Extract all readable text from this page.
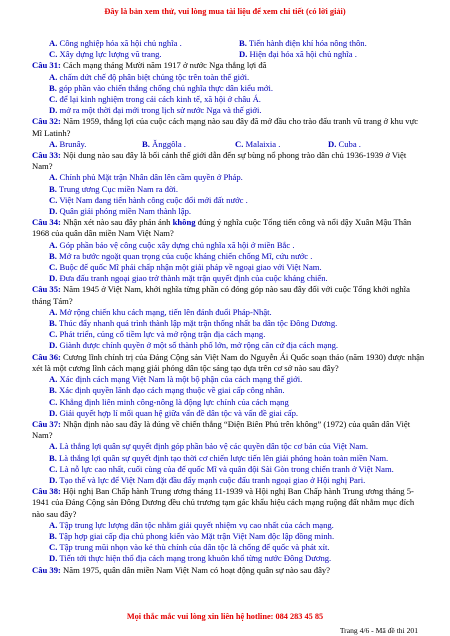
Đây là bản xem thử, vui lòng mua tài liệu để xem chi tiết (có lời giải)
A. Công nghiệp hóa xã hội chủ nghĩa .	B. Tiến hành điện khí hóa nông thôn.
C. Xây dựng lực lượng vũ trang.	D. Hiện đại hóa xã hội chủ nghĩa .
Câu 31: Cách mạng tháng Mười năm 1917 ở nước Nga thắng lợi đã
A. chấm dứt chế độ phân biệt chủng tộc trên toàn thế giới.
B. góp phần vào chiến thắng chống chủ nghĩa thực dân kiểu mới.
C. để lại kinh nghiệm trong cải cách kinh tế, xã hội ở châu Á.
D. mở ra một thời đại mới trong lịch sử nước Nga và thế giới.
Câu 32: Năm 1959, thắng lợi của cuộc cách mạng nào sau đây đã mở đầu cho trào đấu tranh vũ trang ở khu vực Mĩ Latinh?
A. Brunây.	B. Ănggôla .	C. Malaixia .	D. Cuba .
Câu 33: Nội dung nào sau đây là bối cảnh thế giới dẫn đến sự bùng nổ phong trào dân chủ 1936-1939 ở Việt Nam?
A. Chính phủ Mặt trận Nhân dân lên cầm quyền ở Pháp.
B. Trung ương Cục miền Nam ra đời.
C. Việt Nam đang tiến hành công cuộc đổi mới đất nước .
D. Quân giải phóng miền Nam thành lập.
Câu 34: Nhận xét nào sau đây phản ánh không đúng ý nghĩa cuộc Tổng tiến công và nổi dậy Xuân Mậu Thân 1968 của quân dân miền Nam Việt Nam?
A. Góp phần bảo vệ công cuộc xây dựng chủ nghĩa xã hội ở miền Bắc .
B. Mở ra bước ngoặt quan trọng của cuộc kháng chiến chống Mĩ, cứu nước .
C. Buộc đế quốc Mĩ phải chấp nhận một giải pháp về ngoại giao với Việt Nam.
D. Đưa đấu tranh ngoại giao trở thành mặt trận quyết định của cuộc kháng chiến.
Câu 35: Năm 1945 ở Việt Nam, khởi nghĩa từng phần có đóng góp nào sau đây đối với cuộc Tổng khởi nghĩa tháng Tám?
A. Mở rộng chiến khu cách mạng, tiến lên đánh đuổi Pháp-Nhật.
B. Thúc đẩy nhanh quá trình thành lập mặt trận thống nhất ba dân tộc Đông Dương.
C. Phát triển, củng cố tiềm lực và mở rộng trận địa cách mạng.
D. Giành được chính quyền ở một số thành phố lớn, mở rộng căn cứ địa cách mạng.
Câu 36: Cương lĩnh chính trị của Đảng Cộng sản Việt Nam do Nguyễn Ái Quốc soạn thảo (năm 1930) được nhận xét là một cương lĩnh cách mạng giải phóng dân tộc sáng tạo dựa trên cơ sở nào sau đây?
A. Xác định cách mạng Việt Nam là một bộ phận của cách mạng thế giới.
B. Xác định quyền lãnh đạo cách mạng thuộc về giai cấp công nhân.
C. Khẳng định liên minh công-nông là động lực chính của cách mạng
D. Giải quyết hợp lí mối quan hệ giữa vấn đề dân tộc và vấn đề giai cấp.
Câu 37: Nhận định nào sau đây là đúng về chiến thắng “Điện Biên Phủ trên không” (1972) của quân dân Việt Nam?
A. Là thắng lợi quân sự quyết định góp phần bảo vệ các quyền dân tộc cơ bản của Việt Nam.
B. Là thắng lợi quân sự quyết định tạo thời cơ chiến lược tiến lên giải phóng hoàn toàn miền Nam.
C. Là nỗ lực cao nhất, cuối cùng của đế quốc Mĩ và quân đội Sài Gòn trong chiến tranh ở Việt Nam.
D. Tạo thế và lực để Việt Nam đặt đầu đẩy mạnh cuộc đấu tranh ngoại giao ở Hội nghị Pari.
Câu 38: Hội nghị Ban Chấp hành Trung ương tháng 11-1939 và Hội nghị Ban Chấp hành Trung ương tháng 5-1941 của Đảng Cộng sản Đông Dương đều chủ trương tạm gác khẩu hiệu cách mạng ruộng đất nhằm mục đích nào sau đây?
A. Tập trung lực lượng dân tộc nhằm giải quyết nhiệm vụ cao nhất của cách mạng.
B. Tập hợp giai cấp địa chủ phong kiến vào Mặt trận Việt Nam độc lập đồng minh.
C. Tập trung mũi nhọn vào kẻ thù chính của dân tộc là chống đế quốc và phát xít.
D. Tiến tới thực hiện thổ địa cách mạng trong khuôn khổ từng nước Đông Dương.
Câu 39: Năm 1975, quân dân miền Nam Việt Nam có hoạt động quân sự nào sau đây?
Mọi thắc mắc vui lòng xin liên hệ hotline: 084 283 45 85
Trang 4/6 - Mã đề thi 201
